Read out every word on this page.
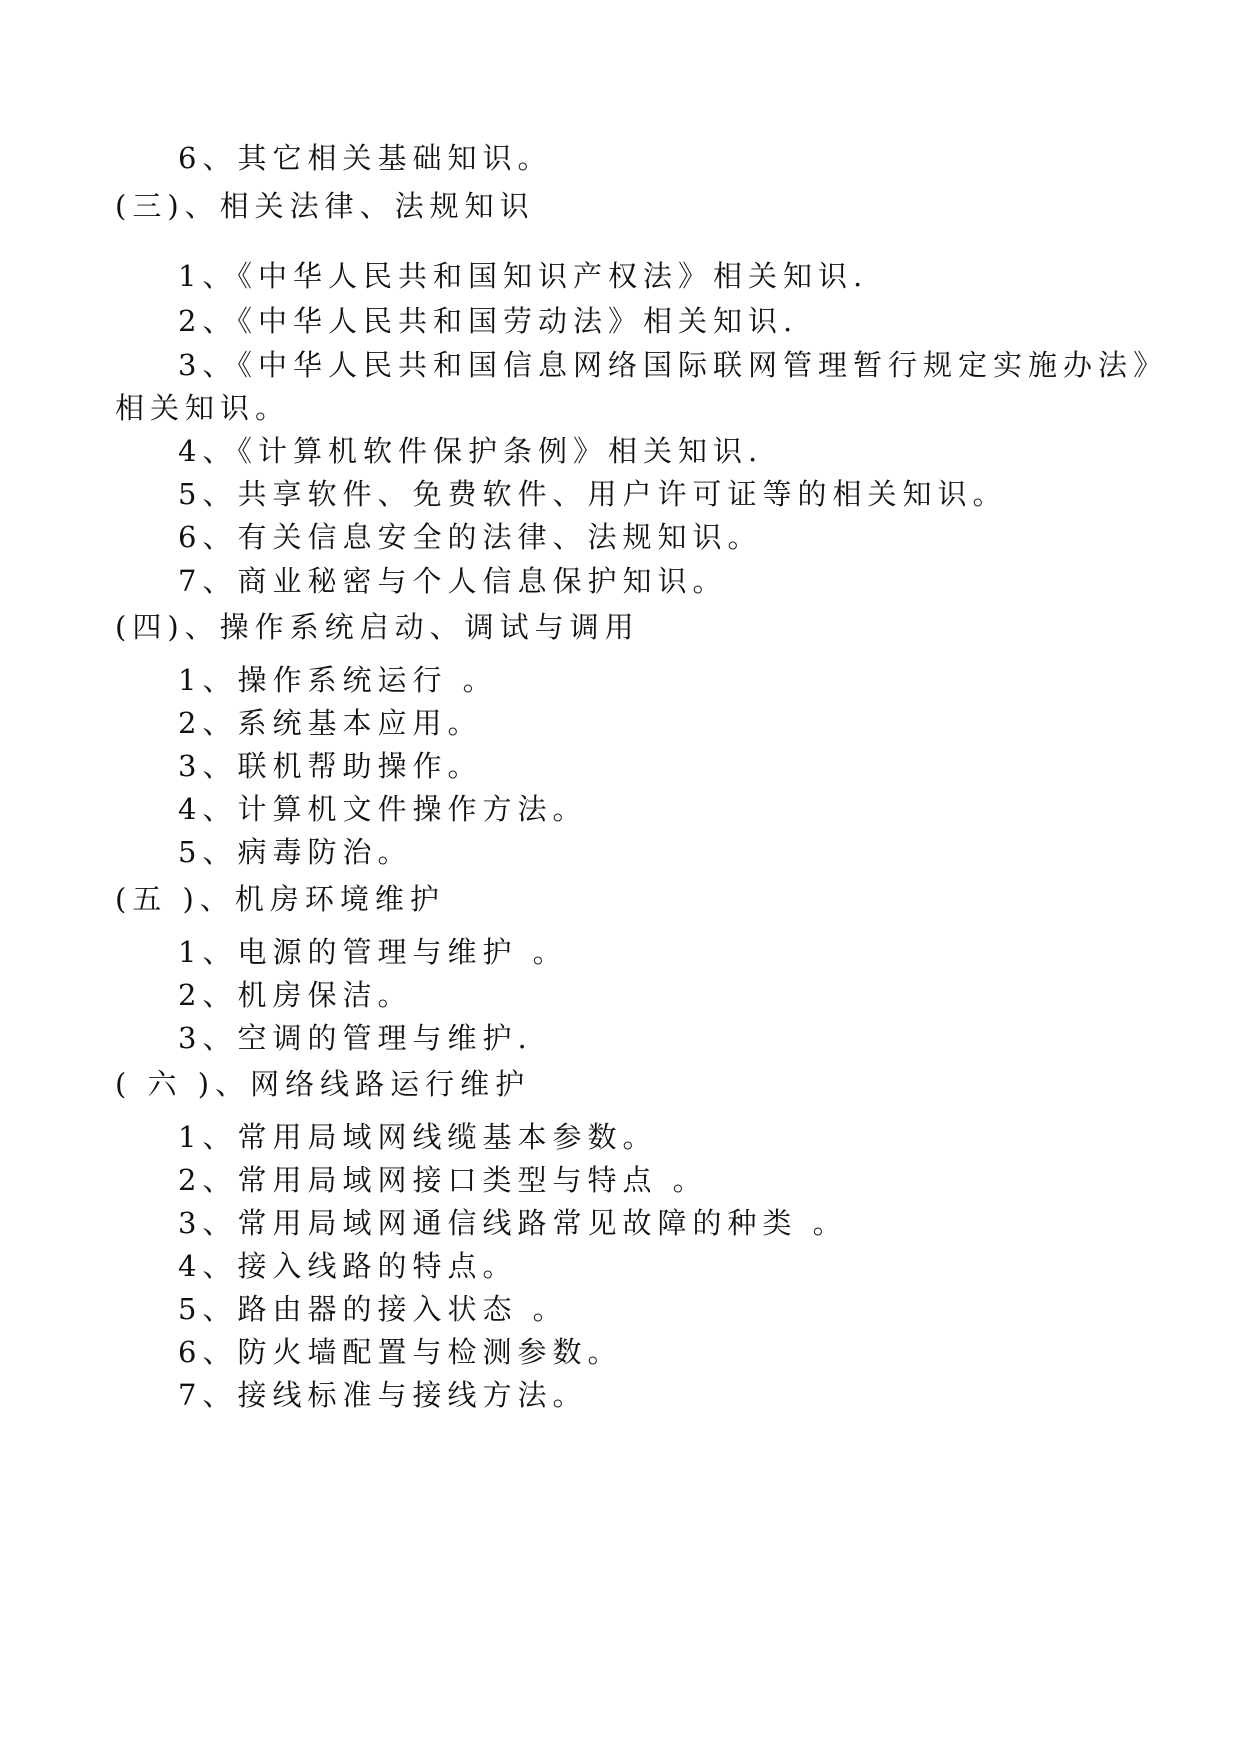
6、其它相关基础知识。
(三)、相关法律、法规知识
1、《中华人民共和国知识产权法》相关知识.
2、《中华人民共和国劳动法》相关知识.
3、《中华人民共和国信息网络国际联网管理暂行规定实施办法》
相关知识。
4、《计算机软件保护条例》相关知识.
5、共享软件、免费软件、用户许可证等的相关知识。
6、有关信息安全的法律、法规知识。
7、商业秘密与个人信息保护知识。
(四)、操作系统启动、调试与调用
1、操作系统运行 。
2、系统基本应用。
3、联机帮助操作。
4、计算机文件操作方法。
5、病毒防治。
(五 )、机房环境维护
1、电源的管理与维护 。
2、机房保洁。
3、空调的管理与维护.
( 六 )、网络线路运行维护
1、常用局域网线缆基本参数。
2、常用局域网接口类型与特点 。
3、常用局域网通信线路常见故障的种类 。
4、接入线路的特点。
5、路由器的接入状态 。
6、防火墙配置与检测参数。
7、接线标准与接线方法。
